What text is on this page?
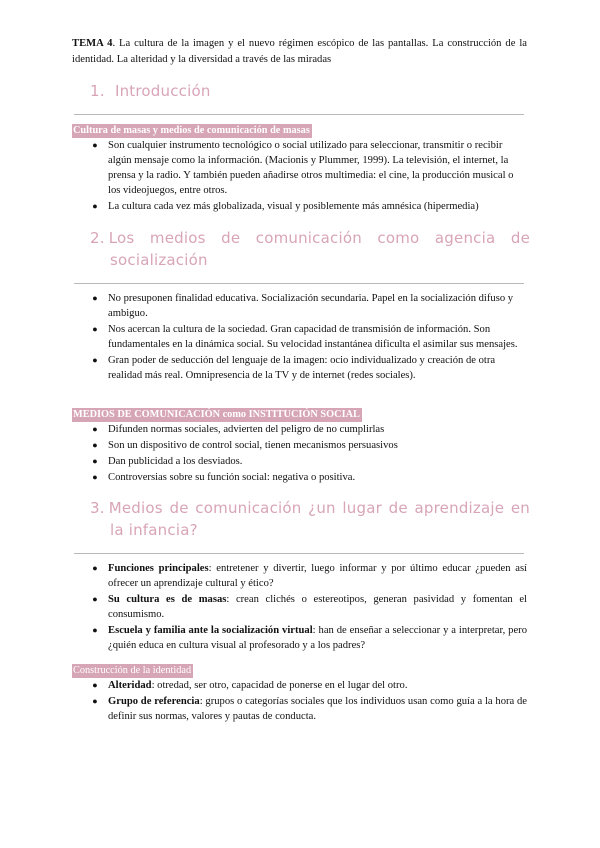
TEMA 4. La cultura de la imagen y el nuevo régimen escópico de las pantallas. La construcción de la identidad. La alteridad y la diversidad a través de las miradas
1. Introducción
Cultura de masas y medios de comunicación de masas
● Son cualquier instrumento tecnológico o social utilizado para seleccionar, transmitir o recibir algún mensaje como la información. (Macionis y Plummer, 1999). La televisión, el internet, la prensa y la radio. Y también pueden añadirse otros multimedia: el cine, la producción musical o los videojuegos, entre otros.
● La cultura cada vez más globalizada, visual y posiblemente más amnésica (hipermedia)
2. Los medios de comunicación como agencia de
socialización
● No presuponen finalidad educativa. Socialización secundaria. Papel en la socialización difuso y ambiguo.
● Nos acercan la cultura de la sociedad. Gran capacidad de transmisión de información. Son fundamentales en la dinámica social. Su velocidad instantánea dificulta el asimilar sus mensajes.
● Gran poder de seducción del lenguaje de la imagen: ocio individualizado y creación de otra realidad más real. Omnipresencia de la TV y de internet (redes sociales).
MEDIOS DE COMUNICACIÓN como INSTITUCIÓN SOCIAL
● Difunden normas sociales, advierten del peligro de no cumplirlas
● Son un dispositivo de control social, tienen mecanismos persuasivos
● Dan publicidad a los desviados.
● Controversias sobre su función social: negativa o positiva.
3. Medios de comunicación ¿un lugar de aprendizaje en
la infancia?
● Funciones principales: entretener y divertir, luego informar y por último educar ¿pueden así ofrecer un aprendizaje cultural y ético?
● Su cultura es de masas: crean clichés o estereotipos, generan pasividad y fomentan el consumismo.
● Escuela y familia ante la socialización virtual: han de enseñar a seleccionar y a interpretar, pero ¿quién educa en cultura visual al profesorado y a los padres?
Construcción de la identidad
● Alteridad: otredad, ser otro, capacidad de ponerse en el lugar del otro.
● Grupo de referencia: grupos o categorías sociales que los individuos usan como guía a la hora de definir sus normas, valores y pautas de conducta.
